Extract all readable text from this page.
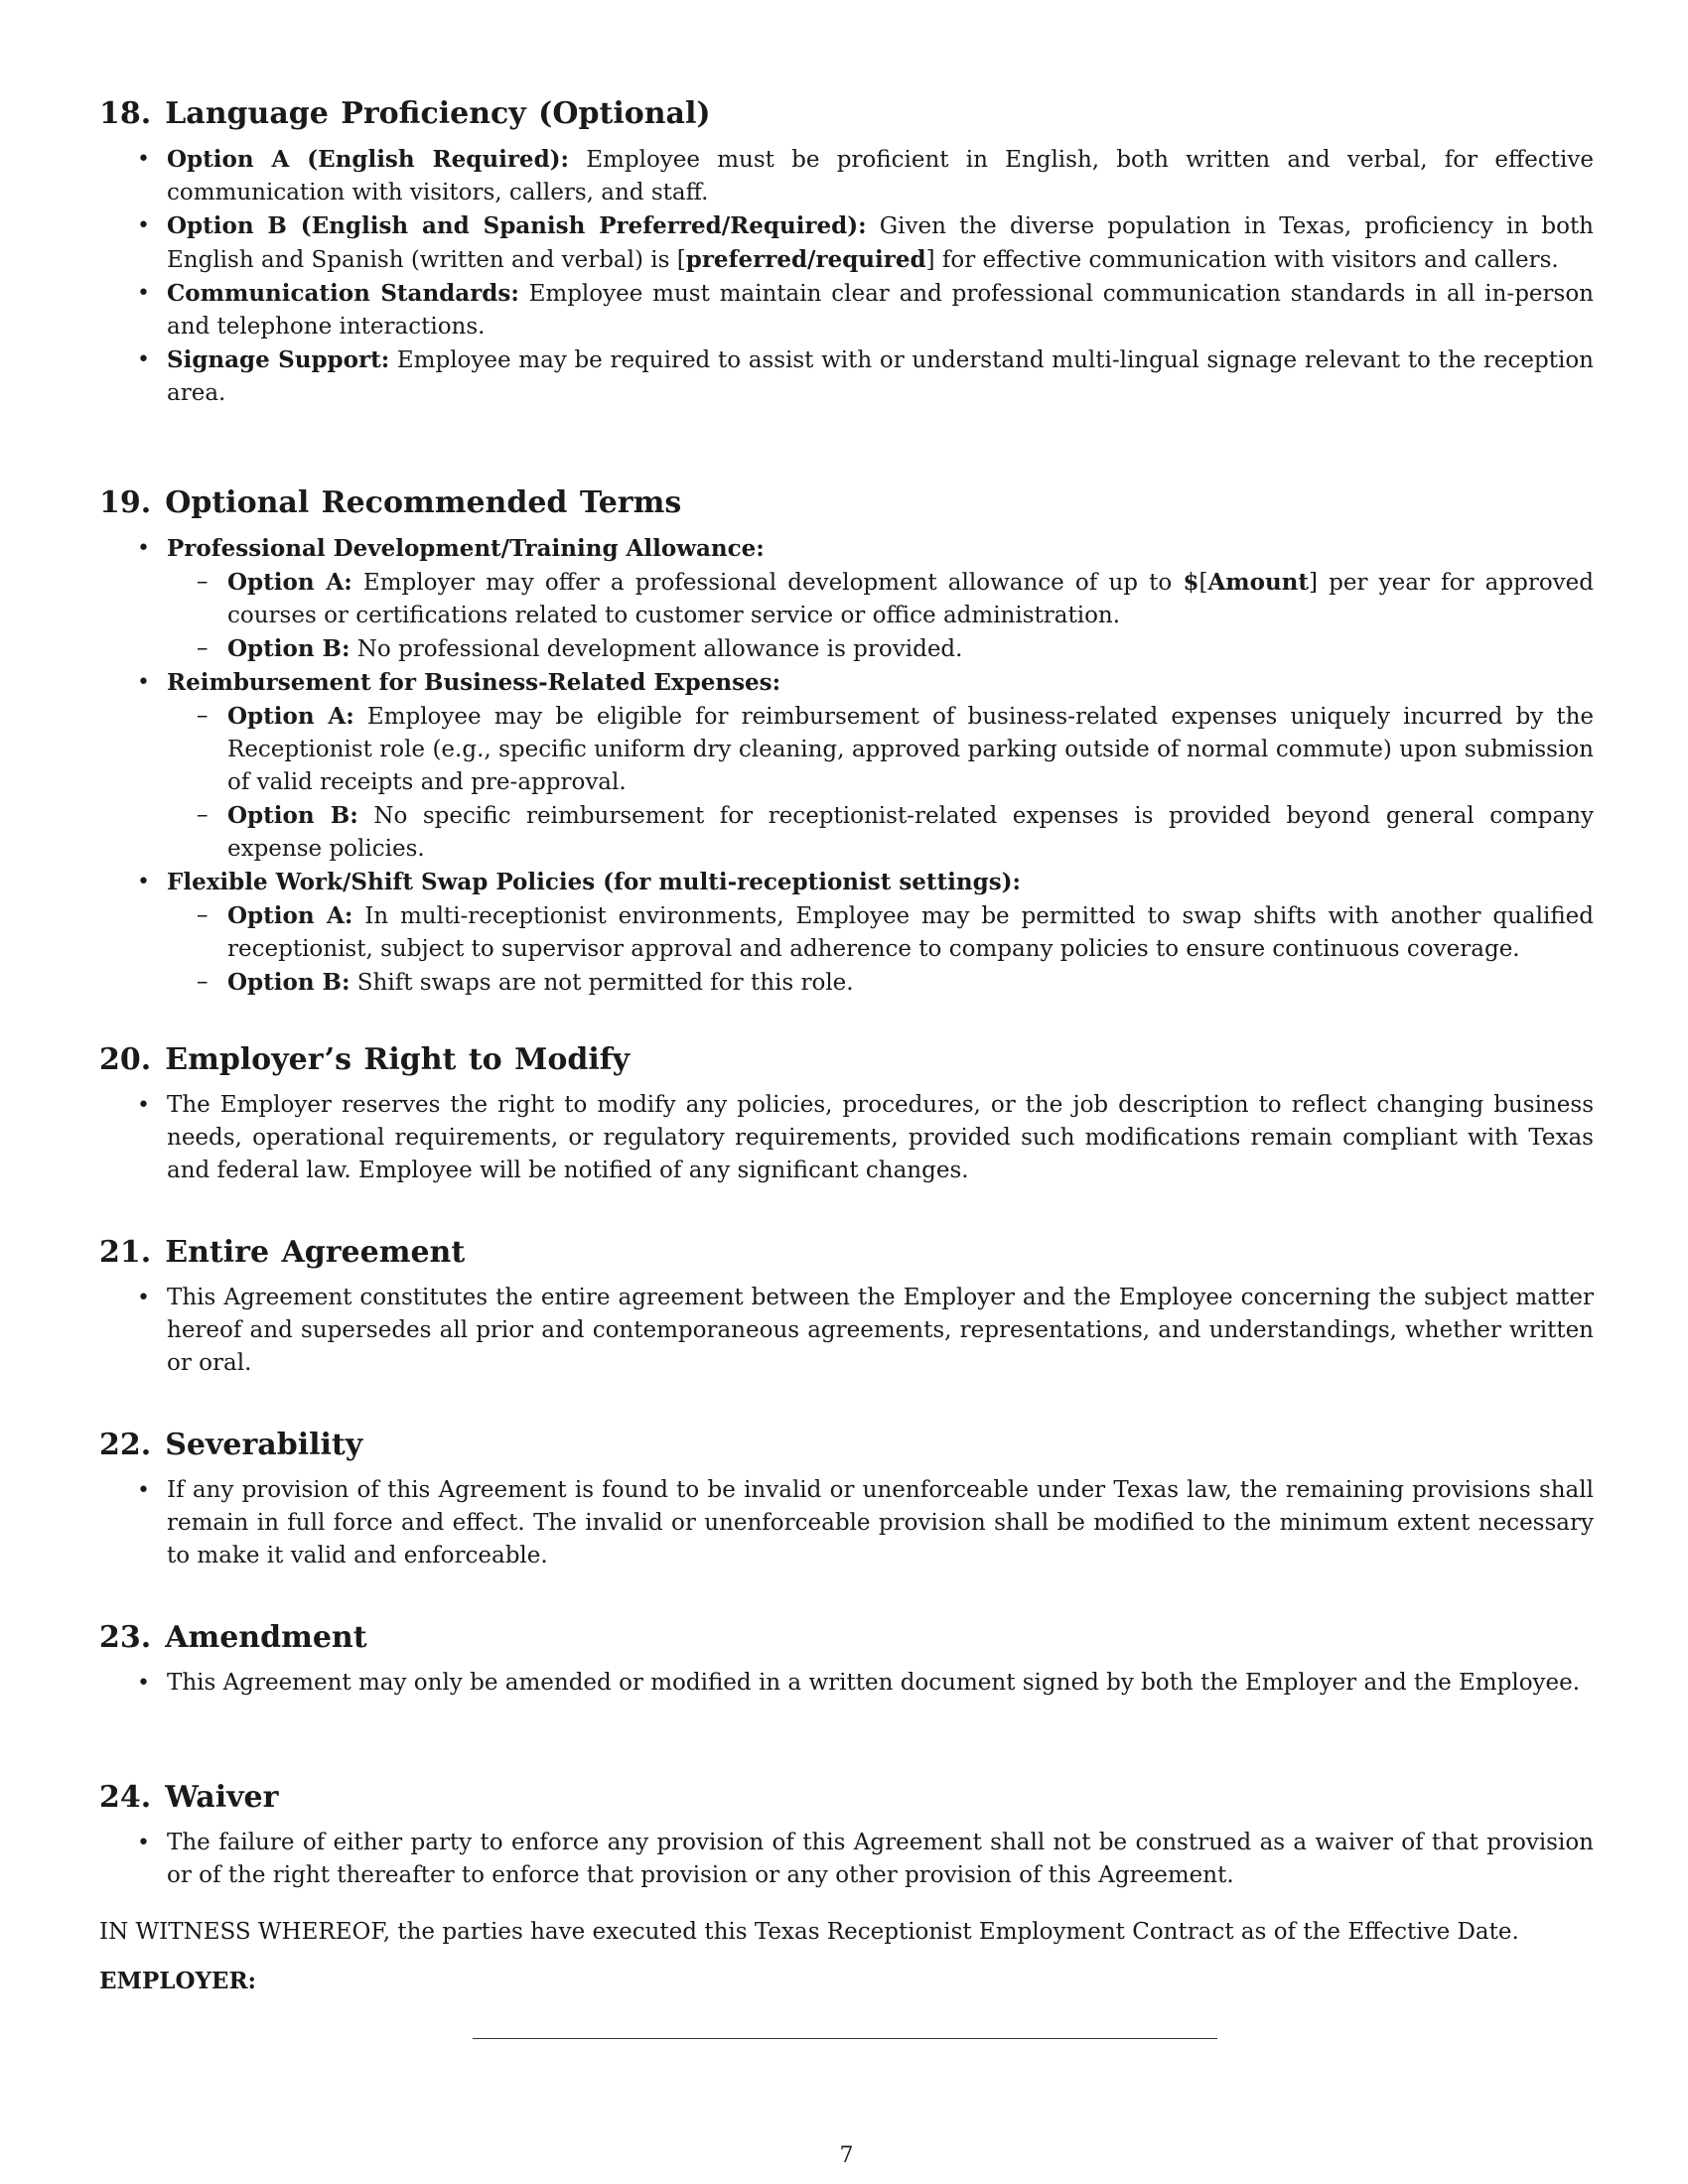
18. Language Proficiency (Optional)
• Option A (English Required): Employee must be proficient in English, both written and verbal, for effective communication with visitors, callers, and staff.
• Option B (English and Spanish Preferred/Required): Given the diverse population in Texas, proficiency in both English and Spanish (written and verbal) is [preferred/required] for effective communication with visitors and callers.
• Communication Standards: Employee must maintain clear and professional communication standards in all in-person and telephone interactions.
• Signage Support: Employee may be required to assist with or understand multi-lingual signage relevant to the reception area.
19. Optional Recommended Terms
• Professional Development/Training Allowance:
– Option A: Employer may offer a professional development allowance of up to $[Amount] per year for approved courses or certifications related to customer service or office administration.
– Option B: No professional development allowance is provided.
• Reimbursement for Business-Related Expenses:
– Option A: Employee may be eligible for reimbursement of business-related expenses uniquely incurred by the Receptionist role (e.g., specific uniform dry cleaning, approved parking outside of normal commute) upon submission of valid receipts and pre-approval.
– Option B: No specific reimbursement for receptionist-related expenses is provided beyond general company expense policies.
• Flexible Work/Shift Swap Policies (for multi-receptionist settings):
– Option A: In multi-receptionist environments, Employee may be permitted to swap shifts with another qualified receptionist, subject to supervisor approval and adherence to company policies to ensure continuous coverage.
– Option B: Shift swaps are not permitted for this role.
20. Employer’s Right to Modify
• The Employer reserves the right to modify any policies, procedures, or the job description to reflect changing business needs, operational requirements, or regulatory requirements, provided such modifications remain compliant with Texas and federal law. Employee will be notified of any significant changes.
21. Entire Agreement
• This Agreement constitutes the entire agreement between the Employer and the Employee concerning the subject matter hereof and supersedes all prior and contemporaneous agreements, representations, and understandings, whether written or oral.
22. Severability
• If any provision of this Agreement is found to be invalid or unenforceable under Texas law, the remaining provisions shall remain in full force and effect. The invalid or unenforceable provision shall be modified to the minimum extent necessary to make it valid and enforceable.
23. Amendment
• This Agreement may only be amended or modified in a written document signed by both the Employer and the Employee.
24. Waiver
• The failure of either party to enforce any provision of this Agreement shall not be construed as a waiver of that provision or of the right thereafter to enforce that provision or any other provision of this Agreement.
IN WITNESS WHEREOF, the parties have executed this Texas Receptionist Employment Contract as of the Effective Date.
EMPLOYER:
7
